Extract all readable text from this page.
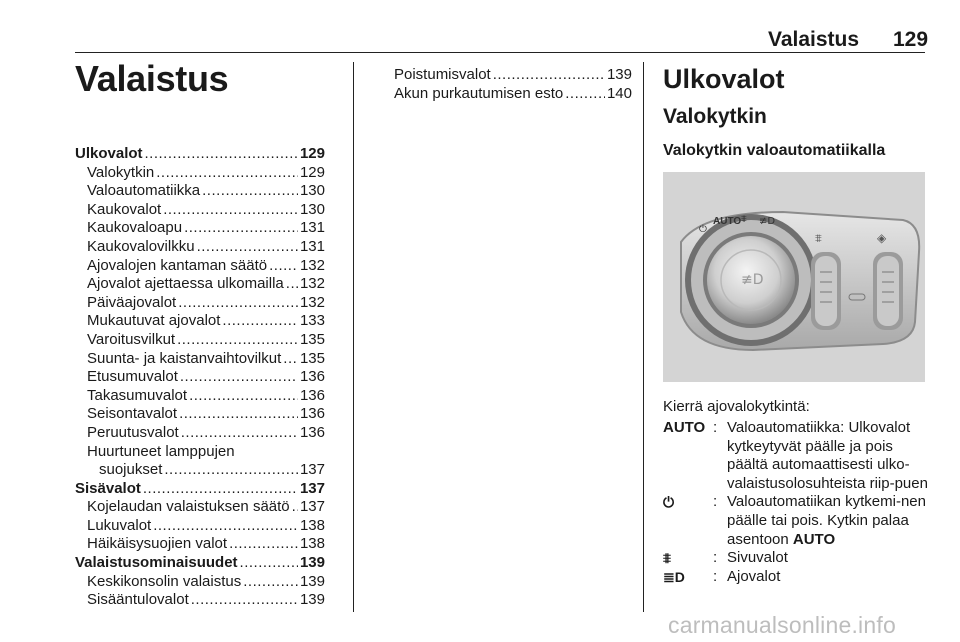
Valaistus 129
Valaistus
Ulkovalot .....	129
Valokytkin .....	129
Valoautomatiikka .....	130
Kaukovalot .....	130
Kaukovaloapu .....	131
Kaukovalovilkku .....	131
Ajovalojen kantaman säätö ..... 132
Ajovalot ajettaessa ulkomailla ..... 132
Päiväajovalot .....	132
Mukautuvat ajovalot .....	133
Varoitusvilkut .....	135
Suunta- ja kaistanvaihtovilkut ..... 135
Etusumuvalot .....	136
Takasumuvalot .....	136
Seisontavalot .....	136
Peruutusvalot .....	136
Huurtuneet lamppujen
suojukset .....	137
Sisävalot .....	137
Kojelaudan valaistuksen säätö ..... 137
Lukuvalot .....	138
Häikäisysuojien valot .....	138
Valaistusominaisuudet .....	139
Keskikonsolin valaistus .....	139
Sisääntulovalot .....	139
Poistumisvalot .....	139
Akun purkautumisen esto .....	140 Ulkovalot
Valokytkin
Valokytkin valoautomatiikalla
≢D
⏻
AUTO ⩨ ≢D
⩨	◈
Kierrä ajovalokytkintä:
AUTO : Valoautomatiikka: Ulkovalot kytkeytyvät päälle ja pois päältä automaattisesti ulko-valaistusolosuhteista riip-puen
⏻	: Valoautomatiikan kytkemi-nen päälle tai pois. Kytkin palaa asentoon AUTO
⩨	: Sivuvalot
≣D	: Ajovalot
carmanualsonline.info
